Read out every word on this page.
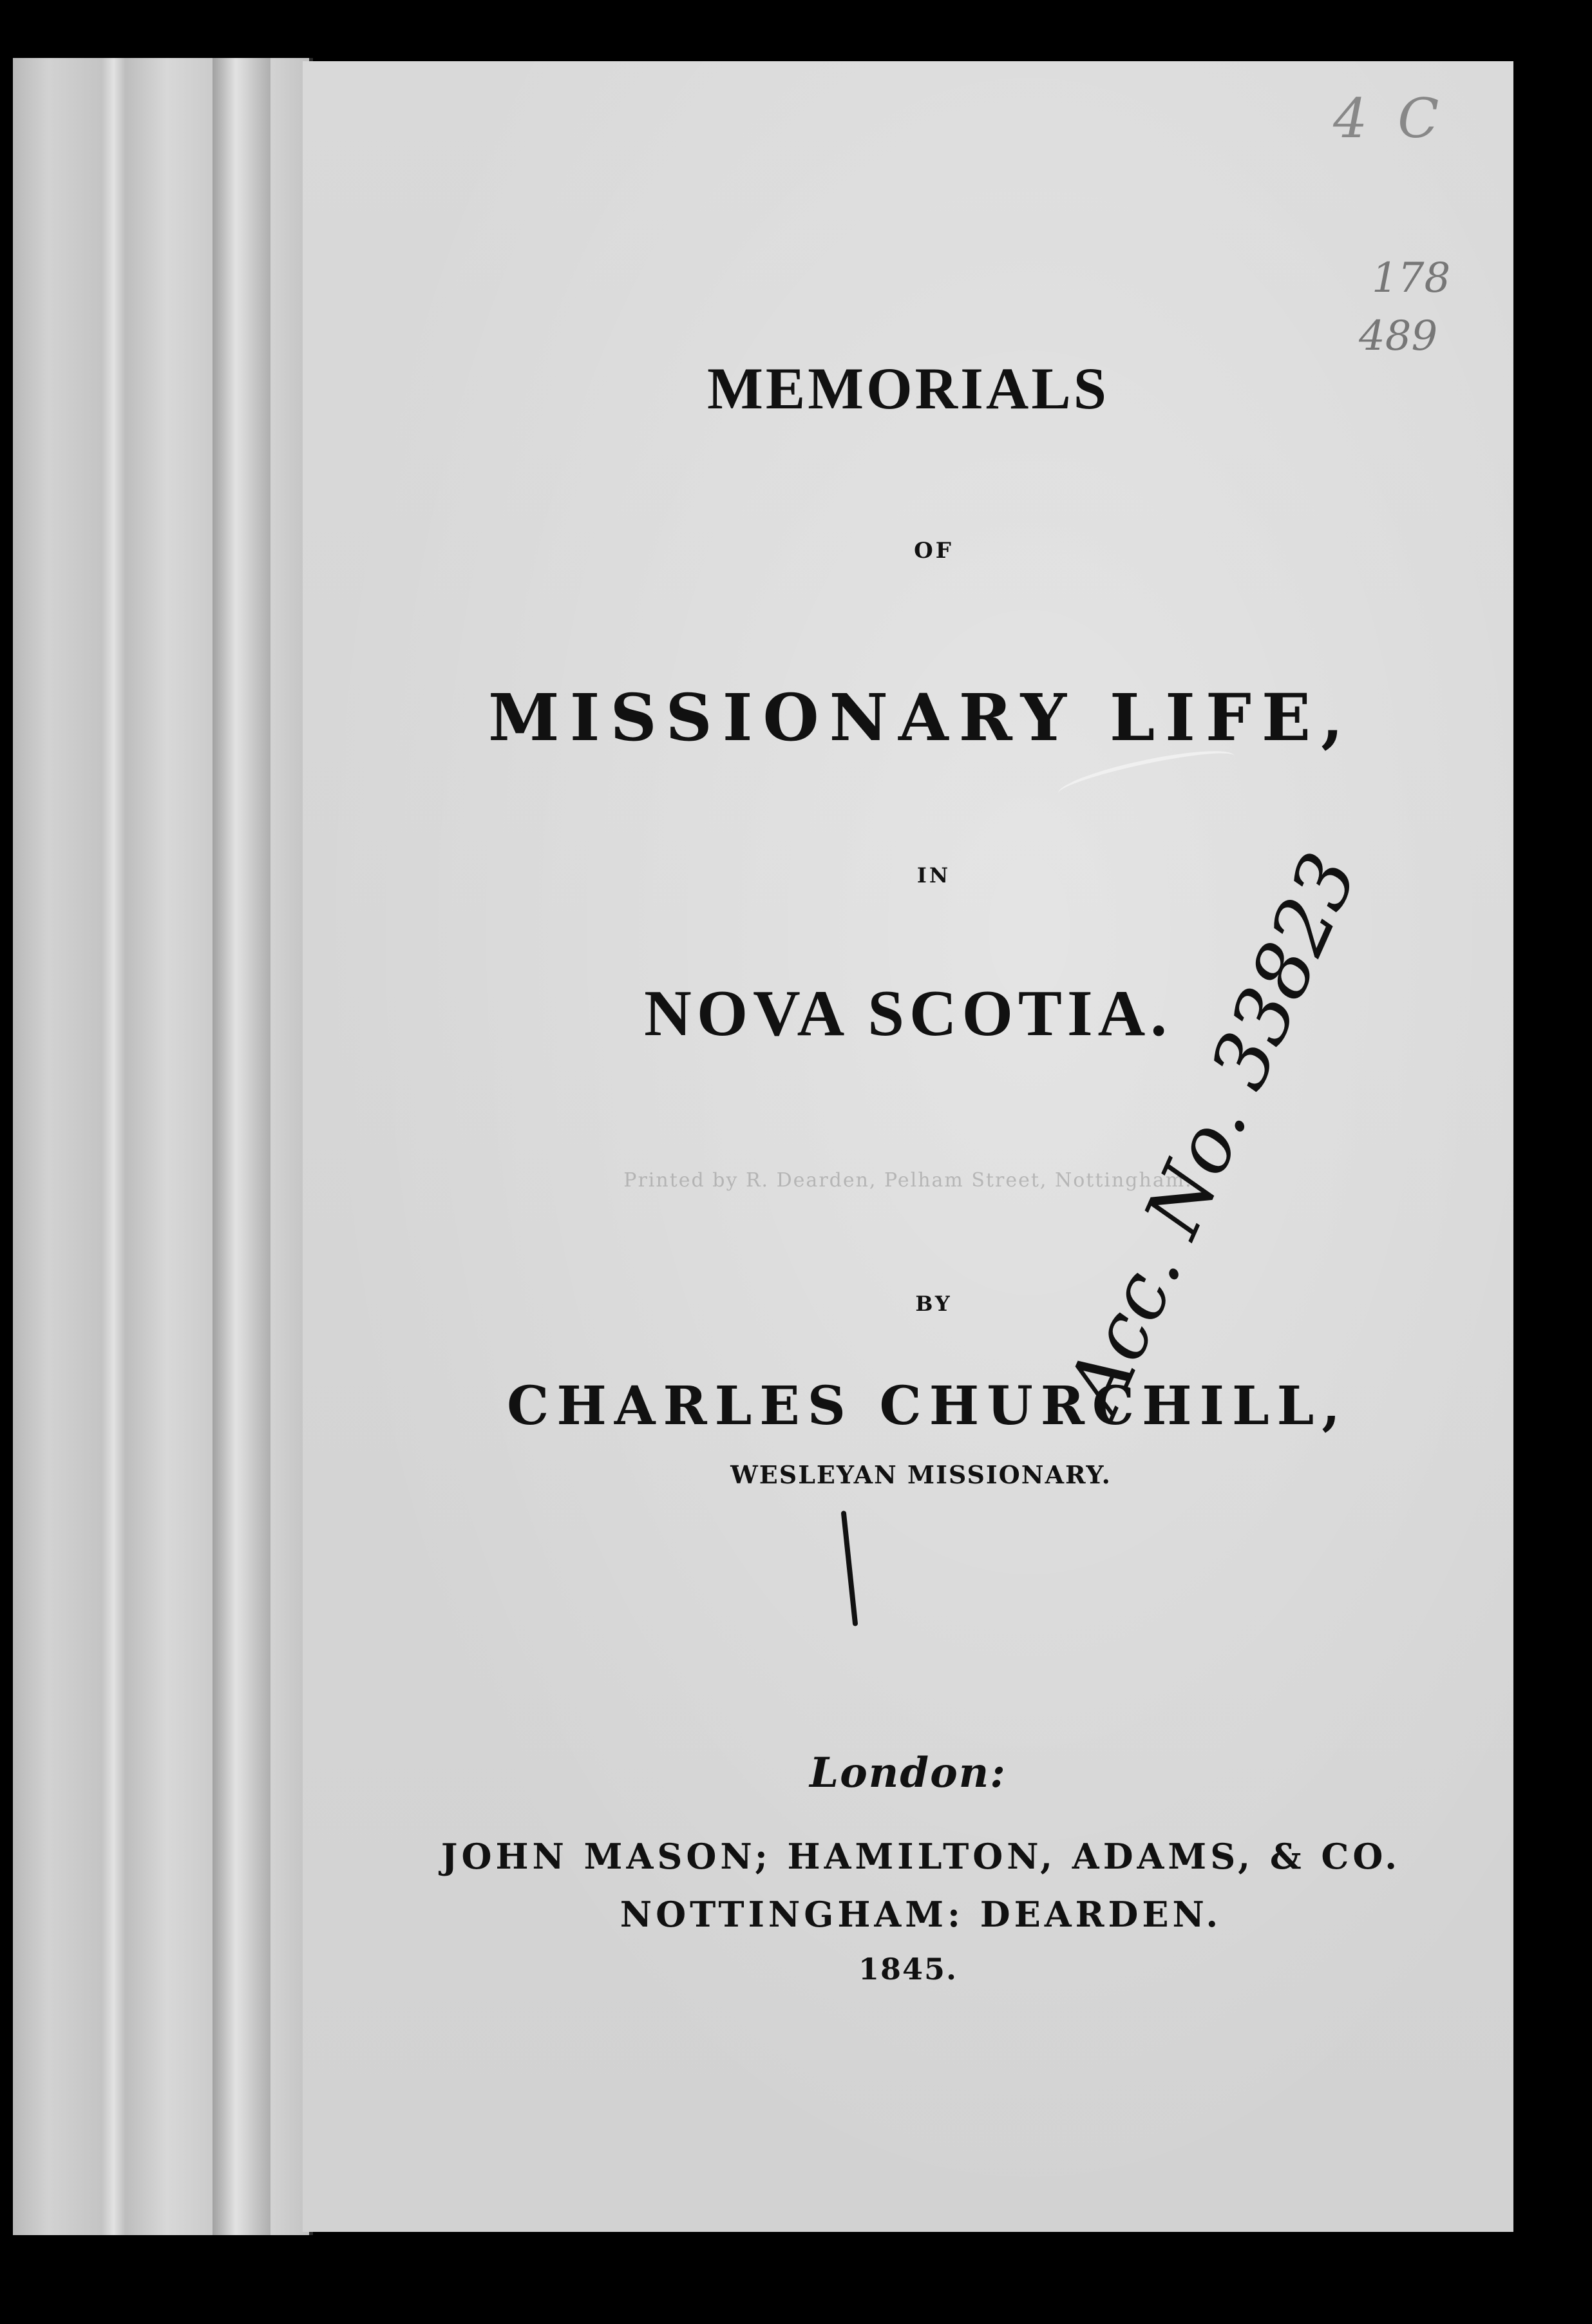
MEMORIALS
OF
MISSIONARY LIFE,
IN
NOVA SCOTIA.
Printed by R. Dearden, Pelham Street, Nottingham.
BY
CHARLES CHURCHILL,
WESLEYAN MISSIONARY.
London:
JOHN MASON; HAMILTON, ADAMS, & CO.
NOTTINGHAM: DEARDEN.
1845.
4 C
178
489
Acc. No. 33823
